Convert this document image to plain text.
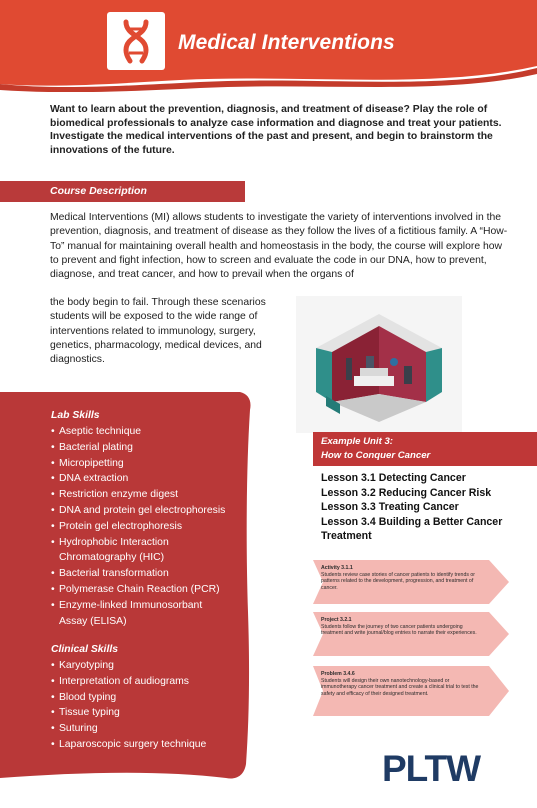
Medical Interventions

Want to learn about the prevention, diagnosis, and treatment of disease? Play the role of biomedical professionals to analyze case information and diagnose and treat your patients. Investigate the medical interventions of the past and present, and begin to brainstorm the innovations of the future.

Course Description

Medical Interventions (MI) allows students to investigate the variety of interventions involved in the prevention, diagnosis, and treatment of disease as they follow the lives of a fictitious family. A “How-To” manual for maintaining overall health and homeostasis in the body, the course will explore how to prevent and fight infection, how to screen and evaluate the code in our DNA, how to prevent, diagnose, and treat cancer, and how to prevail when the organs of

the body begin to fail. Through these scenarios students will be exposed to the wide range of interventions related to immunology, surgery, genetics, pharmacology, medical devices, and diagnostics.

Lab Skills
• Aseptic technique
• Bacterial plating
• Micropipetting
• DNA extraction
• Restriction enzyme digest
• DNA and protein gel electrophoresis
• Protein gel electrophoresis
• Hydrophobic Interaction
Chromatography (HIC)
• Bacterial transformation
• Polymerase Chain Reaction (PCR)
• Enzyme-linked Immunosorbant
Assay (ELISA)
Clinical Skills
• Karyotyping
• Interpretation of audiograms
• Blood typing
• Tissue typing
• Suturing
• Laparoscopic surgery technique
Example Unit 3:
How to Conquer Cancer
Lesson 3.1 Detecting Cancer
Lesson 3.2 Reducing Cancer Risk
Lesson 3.3 Treating Cancer
Lesson 3.4 Building a Better Cancer
Treatment
Activity 3.1.1
Students review case stories of cancer patients to identify trends or patterns related to the development, progression, and treatment of cancer.
Project 3.2.1
Students follow the journey of two cancer patients undergoing treatment and write journal/blog entries to narrate their experiences.
Problem 3.4.6
Students will design their own nanotechnology-based or immunotherapy cancer treatment and create a clinical trial to test the safety and efficacy of their designed treatment.
PLTW
